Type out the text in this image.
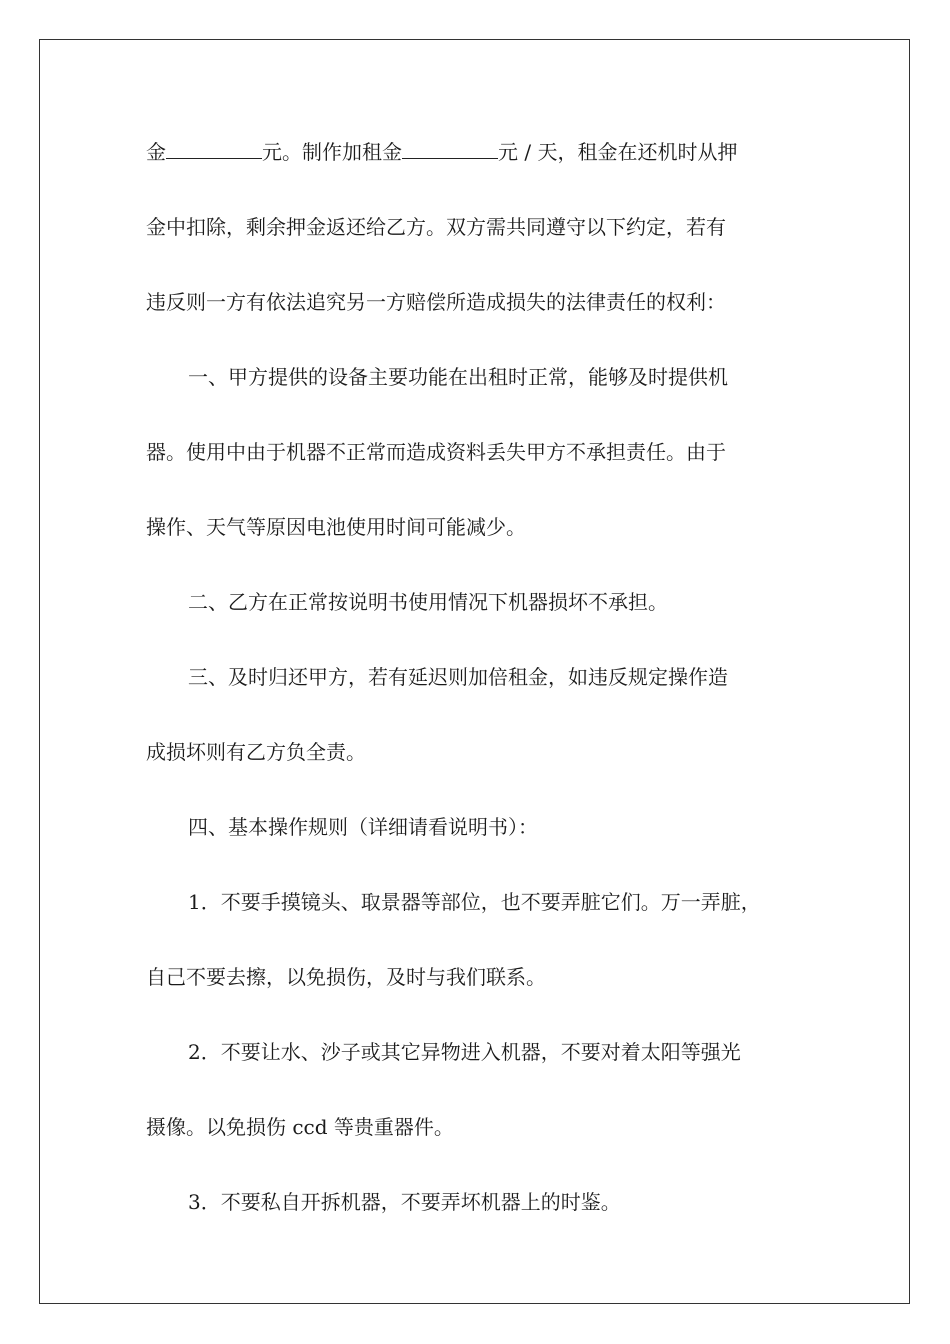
金	元。制作加租金	元 / 天，租金在还机时从押
金中扣除，剩余押金返还给乙方。双方需共同遵守以下约定，若有
违反则一方有依法追究另一方赔偿所造成损失的法律责任的权利：
一、甲方提供的设备主要功能在出租时正常，能够及时提供机
器。使用中由于机器不正常而造成资料丢失甲方不承担责任。由于
操作、天气等原因电池使用时间可能减少。
二、乙方在正常按说明书使用情况下机器损坏不承担。
三、及时归还甲方，若有延迟则加倍租金，如违反规定操作造
成损坏则有乙方负全责。
四、基本操作规则（详细请看说明书）：
1．不要手摸镜头、取景器等部位，也不要弄脏它们。万一弄脏，
自己不要去擦，以免损伤，及时与我们联系。
2．不要让水、沙子或其它异物进入机器，不要对着太阳等强光
摄像。以免损伤 ccd 等贵重器件。
3．不要私自开拆机器，不要弄坏机器上的时鉴。
